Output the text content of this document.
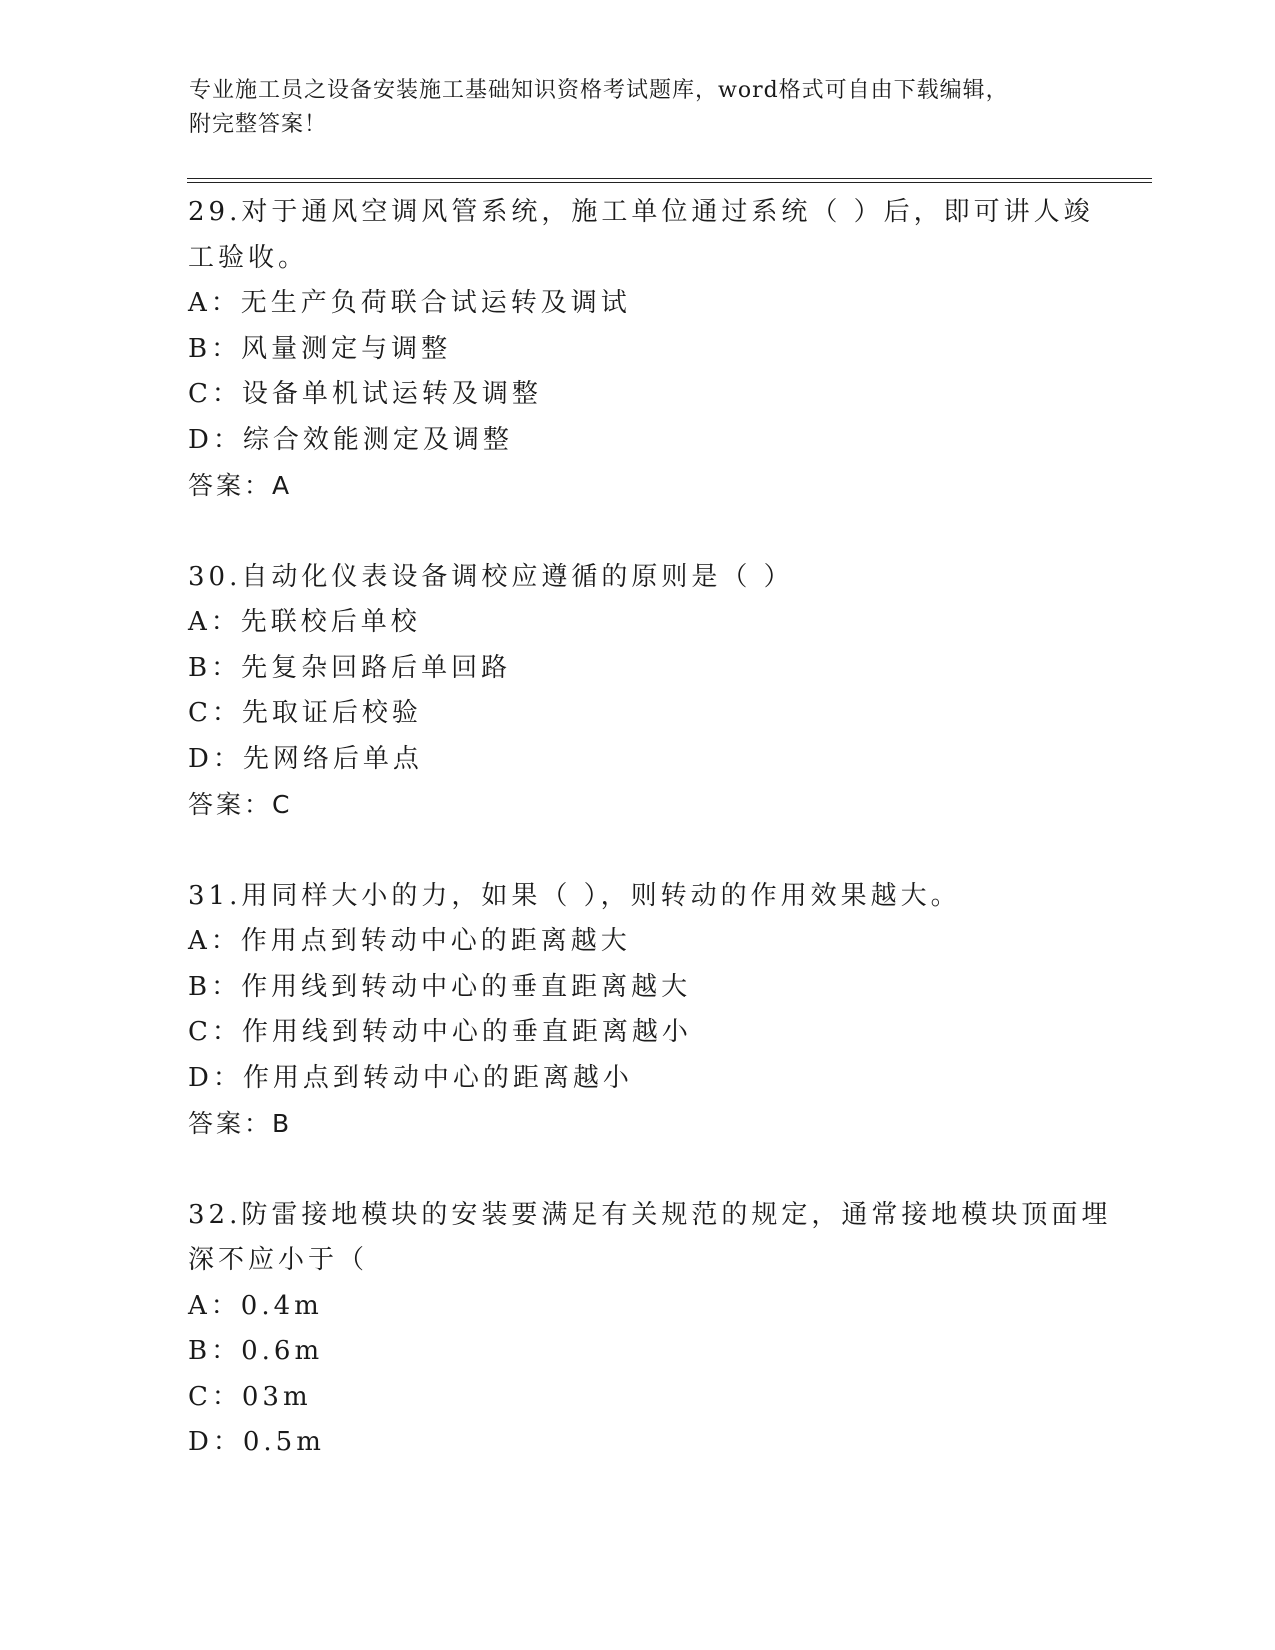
专业施工员之设备安装施工基础知识资格考试题库，word格式可自由下载编辑，
附完整答案！
29.对于通风空调风管系统，施工单位通过系统（ ）后，即可讲人竣
工验收。
A：无生产负荷联合试运转及调试
B：风量测定与调整
C：设备单机试运转及调整
D：综合效能测定及调整
答案：A
30.自动化仪表设备调校应遵循的原则是（ ）
A：先联校后单校
B：先复杂回路后单回路
C：先取证后校验
D：先网络后单点
答案：C
31.用同样大小的力，如果（ ），则转动的作用效果越大。
A：作用点到转动中心的距离越大
B：作用线到转动中心的垂直距离越大
C：作用线到转动中心的垂直距离越小
D：作用点到转动中心的距离越小
答案：B
32.防雷接地模块的安装要满足有关规范的规定，通常接地模块顶面埋
深不应小于（
A：0.4m
B：0.6m
C：03m
D：0.5m
